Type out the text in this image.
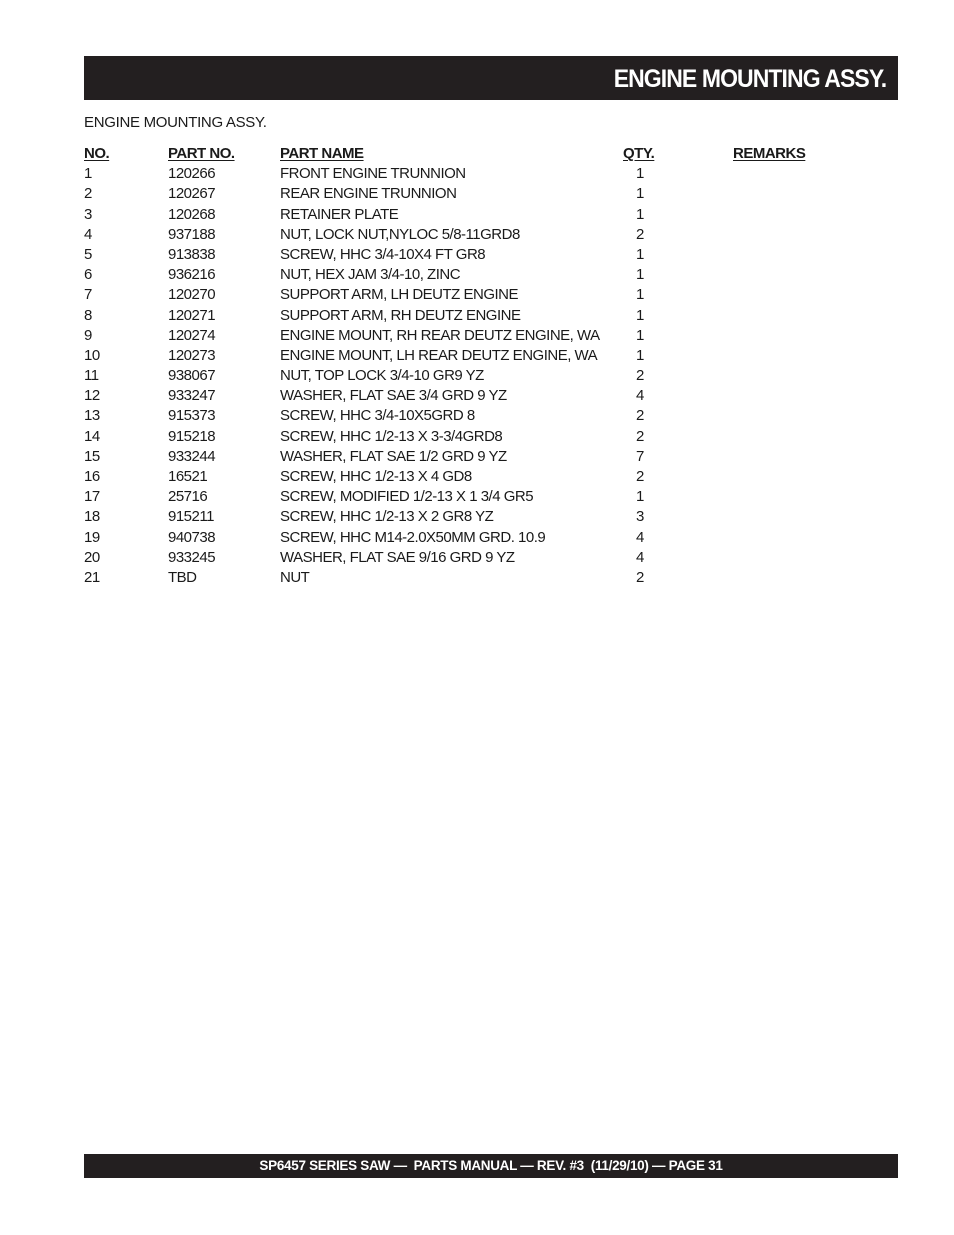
ENGINE MOUNTING ASSY.
ENGINE MOUNTING ASSY.
NO.	PART NO.	PART NAME	QTY.	REMARKS
1	120266	FRONT ENGINE TRUNNION	1
2	120267	REAR ENGINE TRUNNION	1
3	120268	RETAINER PLATE	1
4	937188	NUT, LOCK NUT,NYLOC 5/8-11GRD8	2
5	913838	SCREW, HHC 3/4-10X4 FT GR8	1
6	936216	NUT, HEX JAM 3/4-10, ZINC	1
7	120270	SUPPORT ARM, LH DEUTZ ENGINE	1
8	120271	SUPPORT ARM, RH DEUTZ ENGINE	1
9	120274	ENGINE MOUNT, RH REAR DEUTZ ENGINE, WA 1
10	120273	ENGINE MOUNT, LH REAR DEUTZ ENGINE, WA	1
11	938067	NUT, TOP LOCK 3/4-10 GR9 YZ	2
12	933247	WASHER, FLAT SAE 3/4 GRD 9 YZ	4
13	915373	SCREW, HHC 3/4-10X5GRD 8	2
14	915218	SCREW, HHC 1/2-13 X 3-3/4GRD8	2
15	933244	WASHER, FLAT SAE 1/2 GRD 9 YZ	7
16	16521	SCREW, HHC 1/2-13 X 4 GD8	2
17	25716	SCREW, MODIFIED 1/2-13 X 1 3/4 GR5	1
18	915211	SCREW, HHC 1/2-13 X 2 GR8 YZ	3
19	940738	SCREW, HHC M14-2.0X50MM GRD. 10.9	4
20	933245	WASHER, FLAT SAE 9/16 GRD 9 YZ	4
21	TBD	NUT	2
SP6457 SERIES SAW —  PARTS MANUAL — REV. #3  (11/29/10) — PAGE 31
